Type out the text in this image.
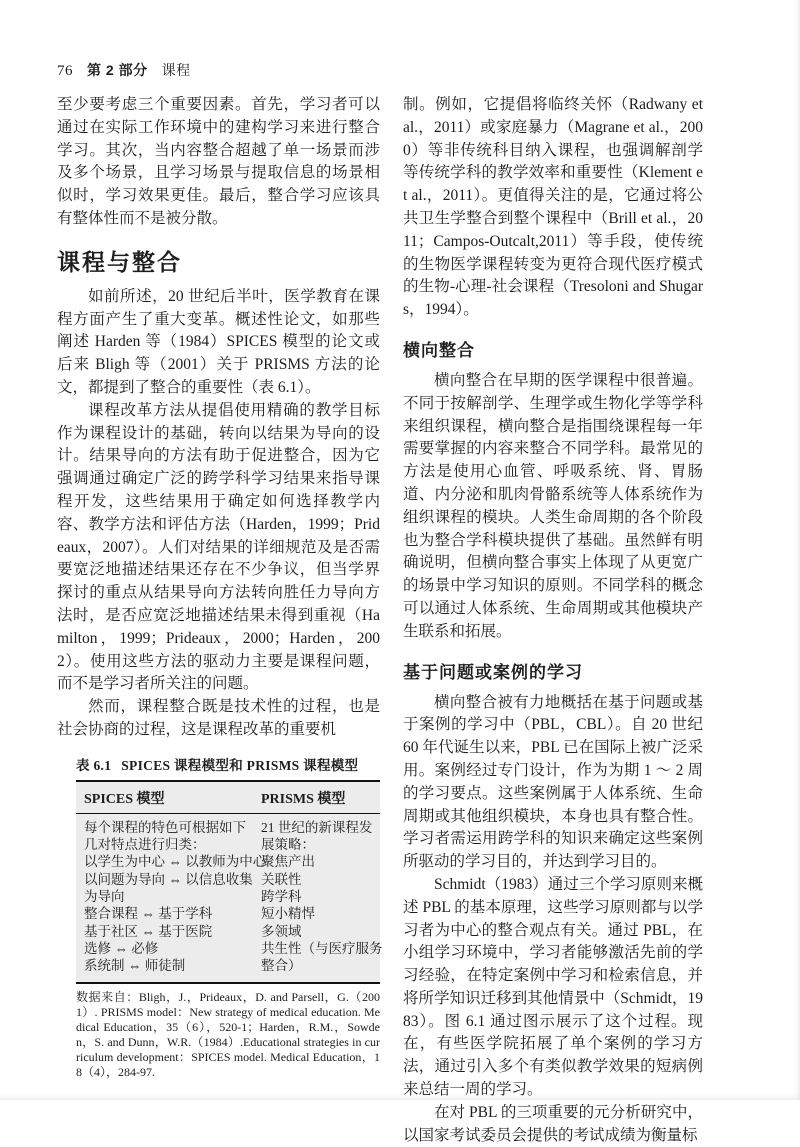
76 第 2 部分 课程

至少要考虑三个重要因素。首先，学习者可以通过在实际工作环境中的建构学习来进行整合学习。其次，当内容整合超越了单一场景而涉及多个场景，且学习场景与提取信息的场景相似时，学习效果更佳。最后，整合学习应该具有整体性而不是被分散。

课程与整合

如前所述，20 世纪后半叶，医学教育在课程方面产生了重大变革。概述性论文，如那些阐述 Harden 等（1984）SPICES 模型的论文或后来 Bligh 等（2001）关于 PRISMS 方法的论文，都提到了整合的重要性（表 6.1）。

课程改革方法从提倡使用精确的教学目标作为课程设计的基础，转向以结果为导向的设计。结果导向的方法有助于促进整合，因为它强调通过确定广泛的跨学科学习结果来指导课程开发，这些结果用于确定如何选择教学内容、教学方法和评估方法（Harden，1999；Prideaux，2007）。人们对结果的详细规范及是否需要宽泛地描述结果还存在不少争议，但当学界探讨的重点从结果导向方法转向胜任力导向方法时，是否应宽泛地描述结果未得到重视（Hamilton，1999；Prideaux，2000；Harden，2002）。使用这些方法的驱动力主要是课程问题，而不是学习者所关注的问题。

然而，课程整合既是技术性的过程，也是社会协商的过程，这是课程改革的重要机

表 6.1 SPICES 课程模型和 PRISMS 课程模型
SPICES 模型	PRISMS 模型
每个课程的特色可根据如下
几对特点进行归类：
以学生为中心 ⇔ 以教师为中心
以问题为导向 ⇔ 以信息收集
为导向
整合课程 ⇔ 基于学科
基于社区 ⇔ 基于医院
选修 ⇔ 必修
系统制 ⇔ 师徒制
21 世纪的新课程发
展策略：
聚焦产出
关联性
跨学科
短小精悍
多领域
共生性（与医疗服务
整合）
数据来自：Bligh，J.，Prideaux，D. and Parsell，G.（2001）. PRISMS model：New strategy of medical education. Medical Education，35（6），520-1；Harden，R.M.，Sowden，S. and Dunn，W.R.（1984）.Educational strategies in curriculum development：SPICES model. Medical Education，18（4），284-97.

制。例如，它提倡将临终关怀（Radwany et al.，2011）或家庭暴力（Magrane et al.，2000）等非传统科目纳入课程，也强调解剖学等传统学科的教学效率和重要性（Klement et al.，2011）。更值得关注的是，它通过将公共卫生学整合到整个课程中（Brill et al.，2011；Campos-Outcalt,2011）等手段，使传统的生物医学课程转变为更符合现代医疗模式的生物-心理-社会课程（Tresoloni and Shugars，1994）。

横向整合

横向整合在早期的医学课程中很普遍。不同于按解剖学、生理学或生物化学等学科来组织课程，横向整合是指围绕课程每一年需要掌握的内容来整合不同学科。最常见的方法是使用心血管、呼吸系统、肾、胃肠道、内分泌和肌肉骨骼系统等人体系统作为组织课程的模块。人类生命周期的各个阶段也为整合学科模块提供了基础。虽然鲜有明确说明，但横向整合事实上体现了从更宽广的场景中学习知识的原则。不同学科的概念可以通过人体系统、生命周期或其他模块产生联系和拓展。

基于问题或案例的学习

横向整合被有力地概括在基于问题或基于案例的学习中（PBL，CBL）。自 20 世纪 60 年代诞生以来，PBL 已在国际上被广泛采用。案例经过专门设计，作为为期 1 ～ 2 周的学习要点。这些案例属于人体系统、生命周期或其他组织模块，本身也具有整合性。学习者需运用跨学科的知识来确定这些案例所驱动的学习目的，并达到学习目的。

Schmidt（1983）通过三个学习原则来概述 PBL 的基本原理，这些学习原则都与以学习者为中心的整合观点有关。通过 PBL，在小组学习环境中，学习者能够激活先前的学习经验，在特定案例中学习和检索信息，并将所学知识迁移到其他情景中（Schmidt，1983）。图 6.1 通过图示展示了这个过程。现在，有些医学院拓展了单个案例的学习方法，通过引入多个有类似教学效果的短病例来总结一周的学习。

在对 PBL 的三项重要的元分析研究中，以国家考试委员会提供的考试成绩为衡量标
